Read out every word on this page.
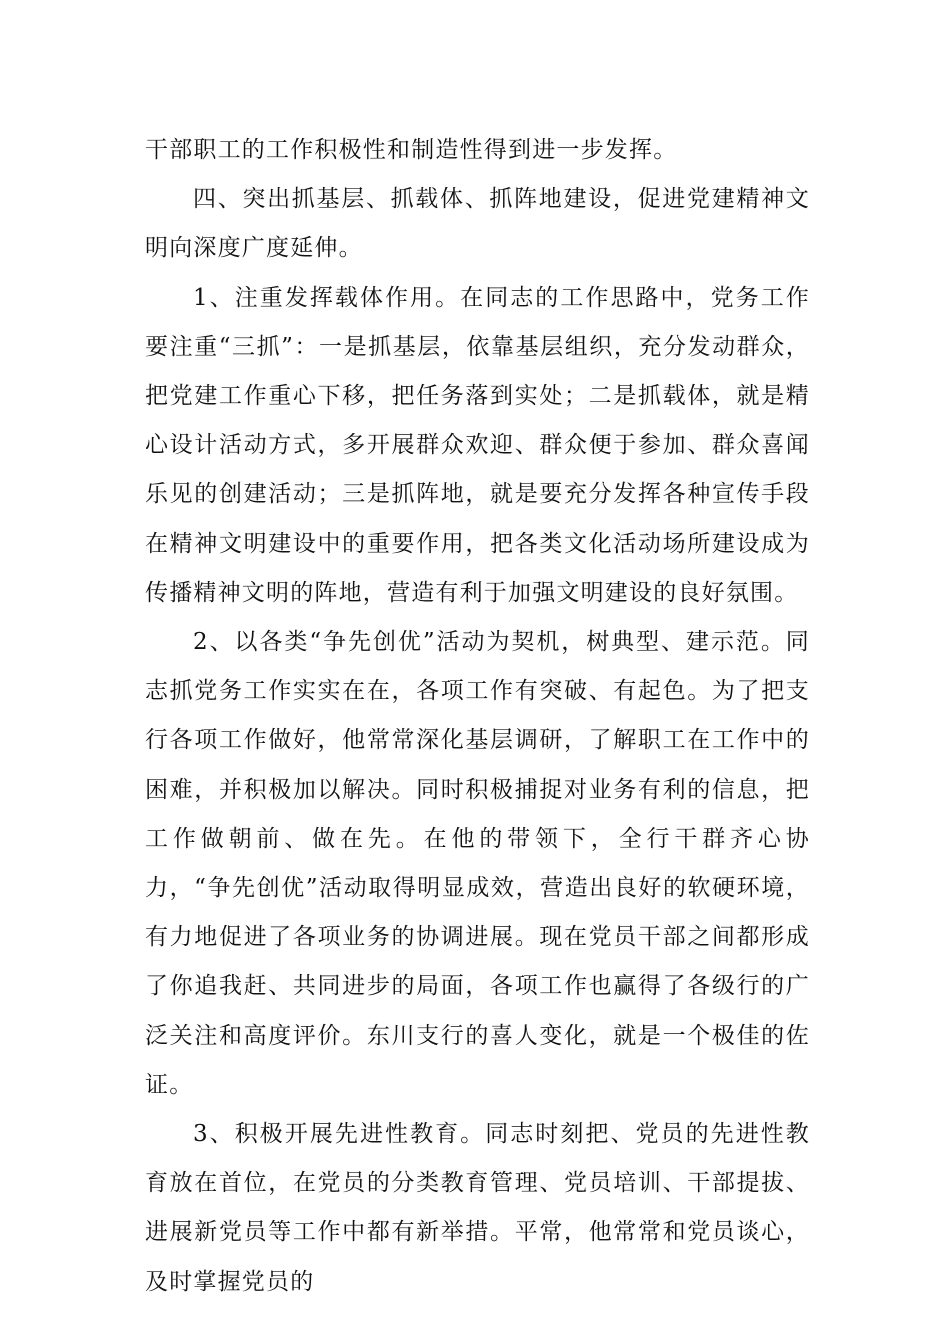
干部职工的工作积极性和制造性得到进一步发挥。

四、突出抓基层、抓载体、抓阵地建设，促进党建精神文明向深度广度延伸。

1、注重发挥载体作用。在同志的工作思路中，党务工作要注重“三抓”：一是抓基层，依靠基层组织，充分发动群众，把党建工作重心下移，把任务落到实处；二是抓载体，就是精心设计活动方式，多开展群众欢迎、群众便于参加、群众喜闻乐见的创建活动；三是抓阵地，就是要充分发挥各种宣传手段在精神文明建设中的重要作用，把各类文化活动场所建设成为传播精神文明的阵地，营造有利于加强文明建设的良好氛围。

2、以各类“争先创优”活动为契机，树典型、建示范。同志抓党务工作实实在在，各项工作有突破、有起色。为了把支行各项工作做好，他常常深化基层调研，了解职工在工作中的困难，并积极加以解决。同时积极捕捉对业务有利的信息，把工作做朝前、做在先。在他的带领下，全行干群齐心协力，“争先创优”活动取得明显成效，营造出良好的软硬环境，有力地促进了各项业务的协调进展。现在党员干部之间都形成了你追我赶、共同进步的局面，各项工作也赢得了各级行的广泛关注和高度评价。东川支行的喜人变化，就是一个极佳的佐证。

3、积极开展先进性教育。同志时刻把、党员的先进性教育放在首位，在党员的分类教育管理、党员培训、干部提拔、进展新党员等工作中都有新举措。平常，他常常和党员谈心，及时掌握党员的
